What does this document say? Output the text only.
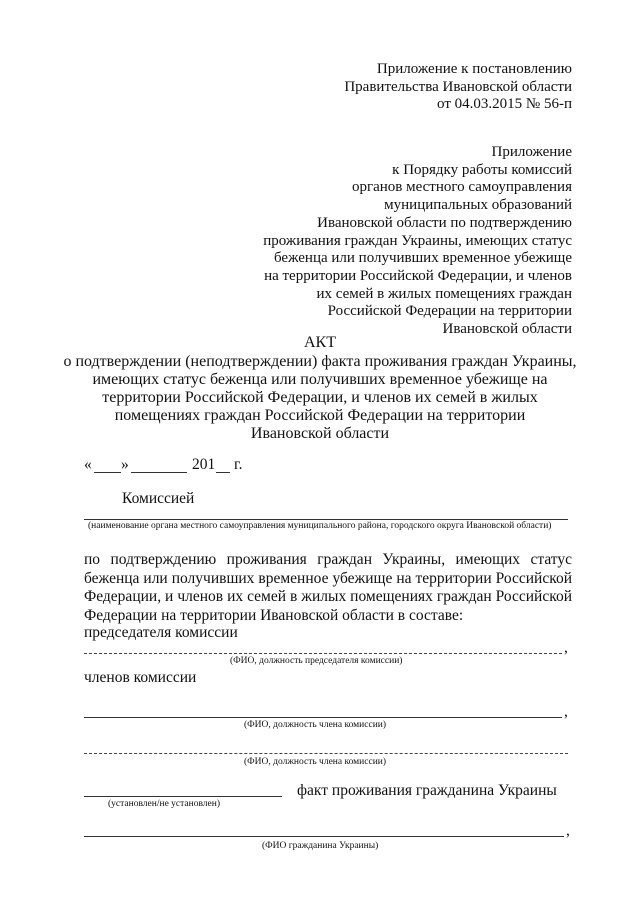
Приложение к постановлению
Правительства Ивановской области
от 04.03.2015 № 56-п
Приложение
к Порядку работы комиссий
органов местного самоуправления
муниципальных образований
Ивановской области по подтверждению
проживания граждан Украины, имеющих статус
беженца или получивших временное убежище
на территории Российской Федерации, и членов
их семей в жилых помещениях граждан
Российской Федерации на территории
Ивановской области
АКТ
о подтверждении (неподтверждении) факта проживания граждан Украины,
имеющих статус беженца или получивших временное убежище на
территории Российской Федерации, и членов их семей в жилых
помещениях граждан Российской Федерации на территории
Ивановской области
« »	201 г.
Комиссией
(наименование органа местного самоуправления муниципального района, городского округа Ивановской области)
по подтверждению проживания граждан Украины, имеющих статус
беженца или получивших временное убежище на территории Российской
Федерации, и членов их семей в жилых помещениях граждан Российской
Федерации на территории Ивановской области в составе:
председателя комиссии
,
(ФИО, должность председателя комиссии)
членов комиссии
,
(ФИО, должность члена комиссии)
(ФИО, должность члена комиссии)
факт проживания гражданина Украины
(установлен/не установлен)
,
(ФИО гражданина Украины)
